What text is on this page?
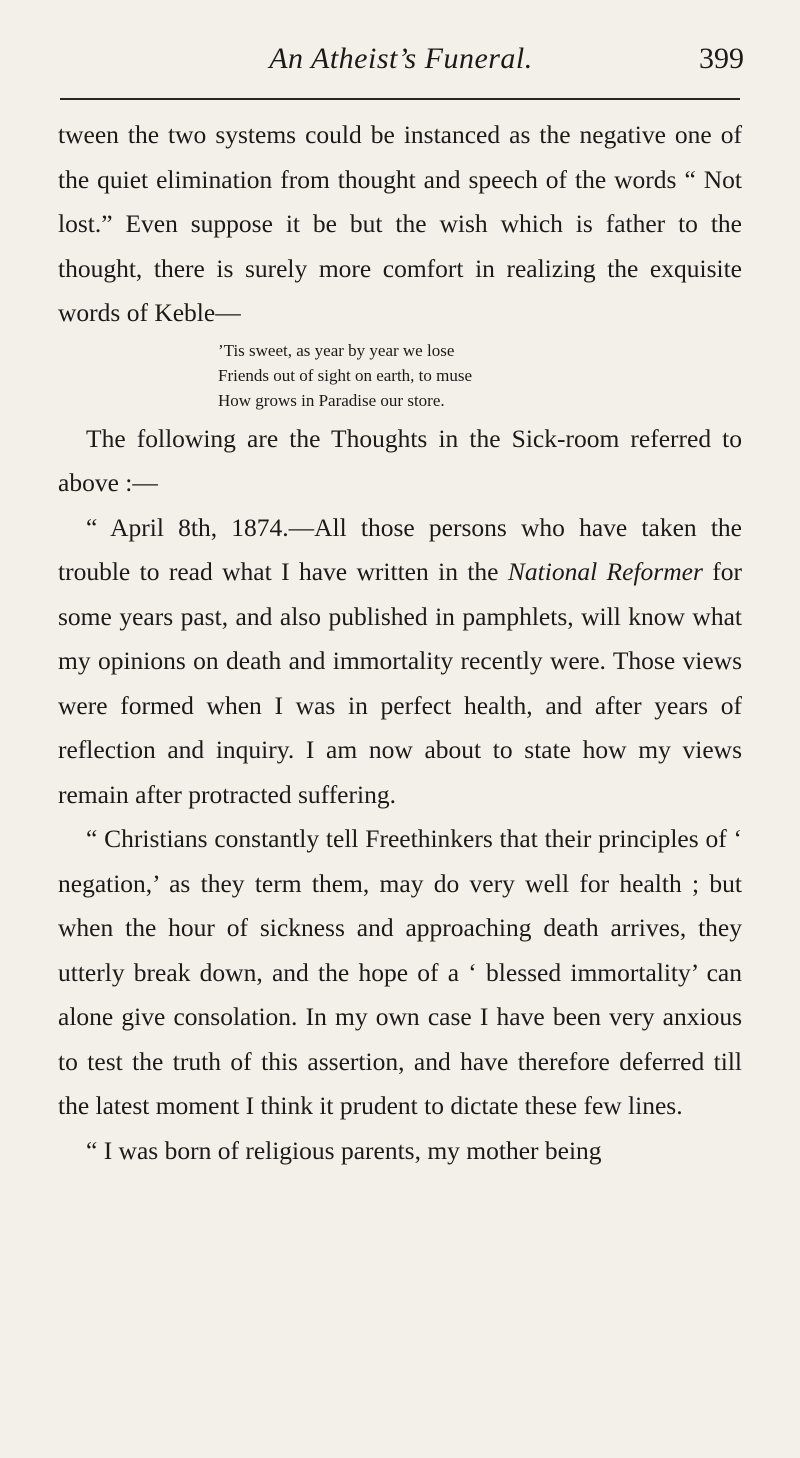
An Atheist’s Funeral.	399

tween the two systems could be instanced as the negative one of the quiet elimination from thought and speech of the words “ Not lost.” Even suppose it be but the wish which is father to the thought, there is surely more comfort in realizing the exquisite words of Keble—

’Tis sweet, as year by year we lose
Friends out of sight on earth, to muse
How grows in Paradise our store.

The following are the Thoughts in the Sick-room referred to above :—

“ April 8th, 1874.—All those persons who have taken the trouble to read what I have written in the National Reformer for some years past, and also published in pamphlets, will know what my opinions on death and immortality recently were. Those views were formed when I was in perfect health, and after years of reflection and inquiry. I am now about to state how my views remain after protracted suffering.

“ Christians constantly tell Freethinkers that their principles of ‘ negation,’ as they term them, may do very well for health ; but when the hour of sickness and approaching death arrives, they utterly break down, and the hope of a ‘ blessed immortality’ can alone give consolation. In my own case I have been very anxious to test the truth of this assertion, and have therefore deferred till the latest moment I think it prudent to dictate these few lines.

“ I was born of religious parents, my mother being
